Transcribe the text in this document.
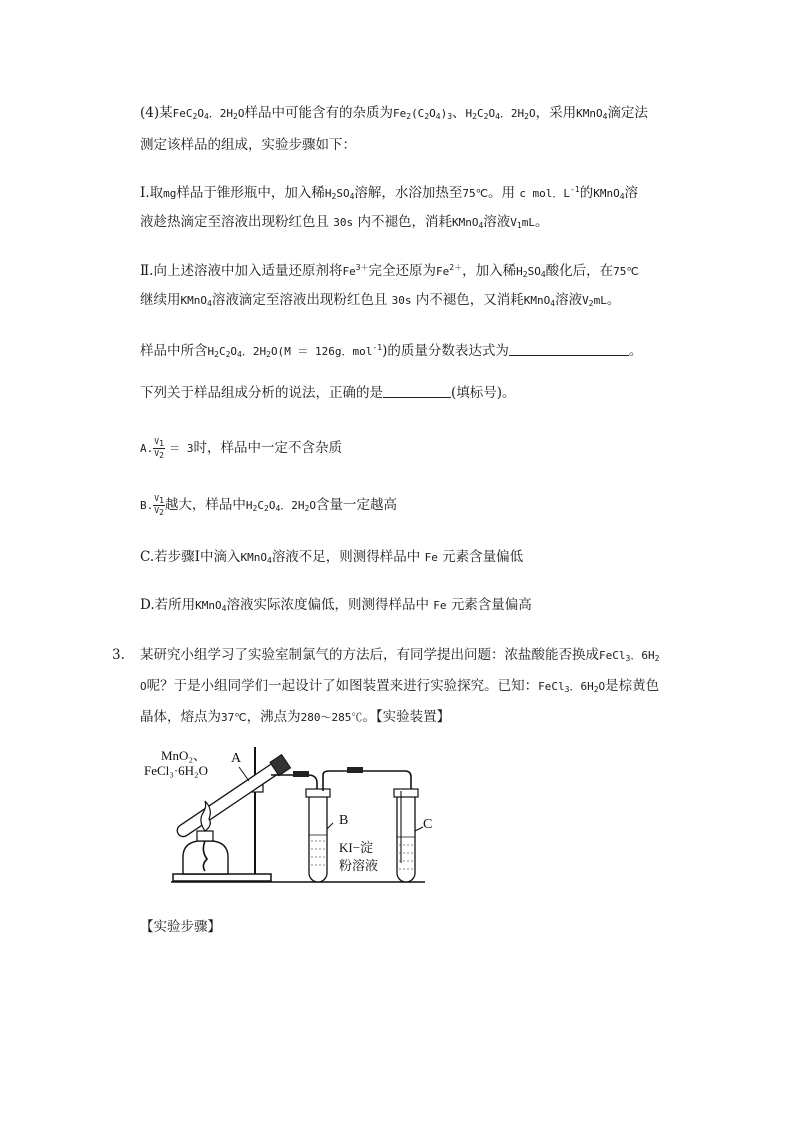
(4)某$FeC_2O_4$．$2H_2O$样品中可能含有的杂质为$Fe_2(C_2O_4)_3$、$H_2C_2O_4$．$2H_2O$，采用KMnO$_4$滴定法
测定该样品的组成，实验步骤如下：
Ⅰ.取mg样品于锥形瓶中，加入稀$H_2SO_4$溶解，水浴加热至75℃。用 c mol．$L^{-1}$的KMnO$_4$溶
液趁热滴定至溶液出现粉红色且 30s 内不褪色，消耗KMnO$_4$溶液$V_1mL$。
Ⅱ.向上述溶液中加入适量还原剂将$Fe^{3+}$完全还原为$Fe^{2+}$，加入稀$H_2SO_4$酸化后，在75℃
继续用KMnO$_4$溶液滴定至溶液出现粉红色且 30s 内不褪色，又消耗KMnO$_4$溶液$V_2mL$。
样品中所含$H_2C_2O_4$．$2H_2O(M = 126g$．mol$^{-1}$)的质量分数表达式为	。
下列关于样品组成分析的说法，正确的是	(填标号)。
A. $\frac{V_1}{V_2} = 3$时，样品中一定不含杂质
B. $\frac{V_1}{V_2}$ 越大，样品中$H_2C_2O_4$．$2H_2O$含量一定越高
C.若步骤Ⅰ中滴入KMnO$_4$溶液不足，则测得样品中 Fe 元素含量偏低
D.若所用KMnO$_4$溶液实际浓度偏低，则测得样品中 Fe 元素含量偏高
3. 某研究小组学习了实验室制氯气的方法后，有同学提出问题：浓盐酸能否换成FeCl$_3$．$6H_2$
O呢？于是小组同学们一起设计了如图装置来进行实验探究。已知：FeCl$_3$．$6H_2O$是棕黄色
晶体，熔点为37℃，沸点为280～285℃。【实验装置】
A
B	C
MnO₂、
FeCl₃·6H₂O
KI−淀
粉溶液
【实验步骤】
